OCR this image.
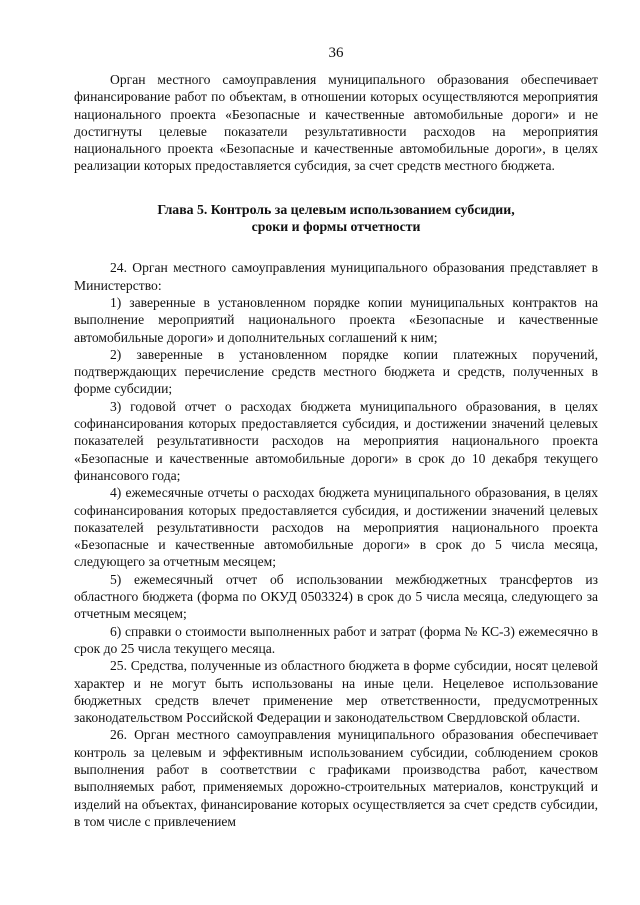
36

Орган местного самоуправления муниципального образования обеспечивает финансирование работ по объектам, в отношении которых осуществляются мероприятия национального проекта «Безопасные и качественные автомобильные дороги» и не достигнуты целевые показатели результативности расходов на мероприятия национального проекта «Безопасные и качественные автомобильные дороги», в целях реализации которых предоставляется субсидия, за счет средств местного бюджета.

Глава 5. Контроль за целевым использованием субсидии,
сроки и формы отчетности

24. Орган местного самоуправления муниципального образования представляет в Министерство:

1) заверенные в установленном порядке копии муниципальных контрактов на выполнение мероприятий национального проекта «Безопасные и качественные автомобильные дороги» и дополнительных соглашений к ним;

2) заверенные в установленном порядке копии платежных поручений, подтверждающих перечисление средств местного бюджета и средств, полученных в форме субсидии;

3) годовой отчет о расходах бюджета муниципального образования, в целях софинансирования которых предоставляется субсидия, и достижении значений целевых показателей результативности расходов на мероприятия национального проекта «Безопасные и качественные автомобильные дороги» в срок до 10 декабря текущего финансового года;

4) ежемесячные отчеты о расходах бюджета муниципального образования, в целях софинансирования которых предоставляется субсидия, и достижении значений целевых показателей результативности расходов на мероприятия национального проекта «Безопасные и качественные автомобильные дороги» в срок до 5 числа месяца, следующего за отчетным месяцем;

5) ежемесячный отчет об использовании межбюджетных трансфертов из областного бюджета (форма по ОКУД 0503324) в срок до 5 числа месяца, следующего за отчетным месяцем;

6) справки о стоимости выполненных работ и затрат (форма № КС-3) ежемесячно в срок до 25 числа текущего месяца.

25. Средства, полученные из областного бюджета в форме субсидии, носят целевой характер и не могут быть использованы на иные цели. Нецелевое использование бюджетных средств влечет применение мер ответственности, предусмотренных законодательством Российской Федерации и законодательством Свердловской области.

26. Орган местного самоуправления муниципального образования обеспечивает контроль за целевым и эффективным использованием субсидии, соблюдением сроков выполнения работ в соответствии с графиками производства работ, качеством выполняемых работ, применяемых дорожно-строительных материалов, конструкций и изделий на объектах, финансирование которых осуществляется за счет средств субсидии, в том числе с привлечением
